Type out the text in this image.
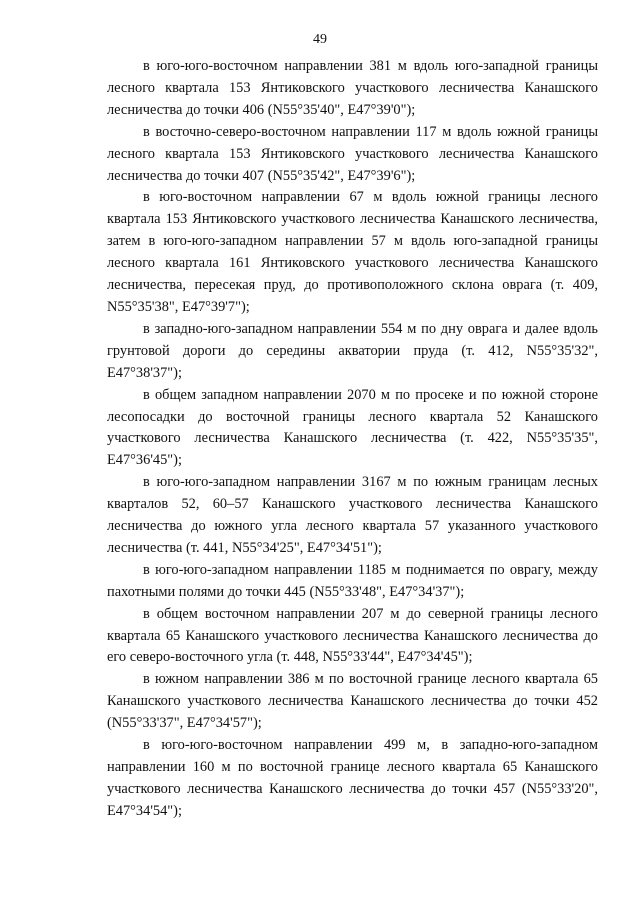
49

в юго-юго-восточном направлении 381 м вдоль юго-западной границы лесного квартала 153 Янтиковского участкового лесничества Канашского лесничества до точки 406 (N55°35'40", E47°39'0");

в восточно-северо-восточном направлении 117 м вдоль южной границы лесного квартала 153 Янтиковского участкового лесничества Канашского лесничества до точки 407 (N55°35'42", E47°39'6");

в юго-восточном направлении 67 м вдоль южной границы лесного квартала 153 Янтиковского участкового лесничества Канашского лесничества, затем в юго-юго-западном направлении 57 м вдоль юго-западной границы лесного квартала 161 Янтиковского участкового лесничества Канашского лесничества, пересекая пруд, до противоположного склона оврага (т. 409, N55°35'38", E47°39'7");

в западно-юго-западном направлении 554 м по дну оврага и далее вдоль грунтовой дороги до середины акватории пруда (т. 412, N55°35'32", E47°38'37");

в общем западном направлении 2070 м по просеке и по южной стороне лесопосадки до восточной границы лесного квартала 52 Канашского участкового лесничества Канашского лесничества (т. 422, N55°35'35", E47°36'45");

в юго-юго-западном направлении 3167 м по южным границам лесных кварталов 52, 60–57 Канашского участкового лесничества Канашского лесничества до южного угла лесного квартала 57 указанного участкового лесничества (т. 441, N55°34'25", E47°34'51");

в юго-юго-западном направлении 1185 м поднимается по оврагу, между пахотными полями до точки 445 (N55°33'48", E47°34'37");

в общем восточном направлении 207 м до северной границы лесного квартала 65 Канашского участкового лесничества Канашского лесничества до его северо-восточного угла (т. 448, N55°33'44", E47°34'45");

в южном направлении 386 м по восточной границе лесного квартала 65 Канашского участкового лесничества Канашского лесничества до точки 452 (N55°33'37", E47°34'57");

в юго-юго-восточном направлении 499 м, в западно-юго-западном направлении 160 м по восточной границе лесного квартала 65 Канашского участкового лесничества Канашского лесничества до точки 457 (N55°33'20", E47°34'54");
